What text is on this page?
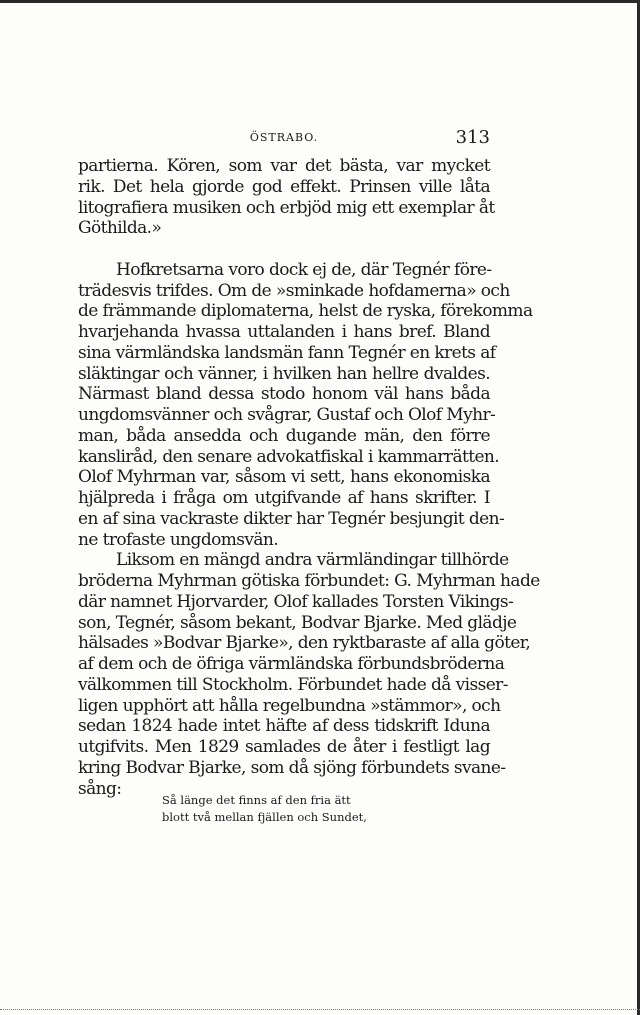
ÖSTRABO.	313
partierna. Kören, som var det bästa, var mycket
rik. Det hela gjorde god effekt. Prinsen ville låta
litografiera musiken och erbjöd mig ett exemplar åt
Göthilda.»
Hofkretsarna voro dock ej de, där Tegnér före-
trädesvis trifdes. Om de »sminkade hofdamerna» och
de främmande diplomaterna, helst de ryska, förekomma
hvarjehanda hvassa uttalanden i hans bref. Bland
sina värmländska landsmän fann Tegnér en krets af
släktingar och vänner, i hvilken han hellre dvaldes.
Närmast bland dessa stodo honom väl hans båda
ungdomsvänner och svågrar, Gustaf och Olof Myhr-
man, båda ansedda och dugande män, den förre
kansliråd, den senare advokatfiskal i kammarrätten.
Olof Myhrman var, såsom vi sett, hans ekonomiska
hjälpreda i fråga om utgifvande af hans skrifter. I
en af sina vackraste dikter har Tegnér besjungit den-
ne trofaste ungdomsvän.
Liksom en mängd andra värmländingar tillhörde
bröderna Myhrman götiska förbundet: G. Myhrman hade
där namnet Hjorvarder, Olof kallades Torsten Vikings-
son, Tegnér, såsom bekant, Bodvar Bjarke. Med glädje
hälsades »Bodvar Bjarke», den ryktbaraste af alla göter,
af dem och de öfriga värmländska förbundsbröderna
välkommen till Stockholm. Förbundet hade då visser-
ligen upphört att hålla regelbundna »stämmor», och
sedan 1824 hade intet häfte af dess tidskrift Iduna
utgifvits. Men 1829 samlades de åter i festligt lag
kring Bodvar Bjarke, som då sjöng förbundets svane-
sång:
Så länge det finns af den fria ätt
blott två mellan fjällen och Sundet,
